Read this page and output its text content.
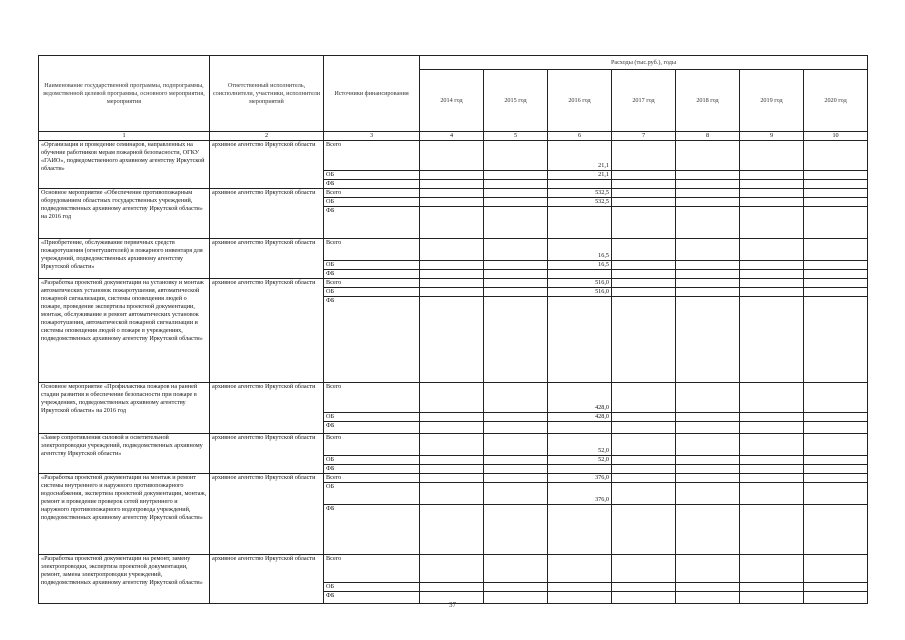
Наименование государственной программы, подпрограммы, ведомственной целевой программы, основного мероприятия, мероприятия	Ответственный исполнитель, соисполнители, участники, исполнители мероприятий	Источники финансирования	Расходы (тыс.руб.), годы						
			2014 год	2015 год	2016 год	2017 год	2018 год	2019 год	2020 год
1	2	3	4	5	6	7	8	9	10
«Организация и проведение семинаров, направленных на обучение работников мерам пожарной безопасности, ОГКУ «ГАИО», подведомственного архивному агентству Иркутской области»	архивное агентство Иркутской области	Всего			21,1				
		ОБ			21,1				
		ФБ							
Основное мероприятие «Обеспечение противопожарным оборудованием областных государственных учреждений, подведомственных архивному агентству Иркутской области» на 2016 год	архивное агентство Иркутской области	Всего			532,5				
		ОБ			532,5				
		ФБ							
«Приобретение, обслуживание первичных средств пожаротушения (огнетушителей) и пожарного инвентаря для учреждений, подведомственных архивному агентству Иркутской области»	архивное агентство Иркутской области	Всего			16,5				
		ОБ			16,5				
		ФБ							
«Разработка проектной документации на установку и монтаж автоматических установок пожаротушения, автоматической пожарной сигнализации, системы оповещения людей о пожаре, проведение экспертизы проектной документации, монтаж, обслуживание и ремонт автоматических установок пожаротушения, автоматической пожарной сигнализации и системы оповещения людей о пожаре в учреждениях, подведомственных архивному агентству Иркутской области»	архивное агентство Иркутской области	Всего			516,0				
		ОБ			516,0				
		ФБ							
Основное мероприятие «Профилактика пожаров на ранней стадии развития и обеспечение безопасности при пожаре в учреждениях, подведомственных архивному агентству Иркутской области» на 2016 год	архивное агентство Иркутской области	Всего			428,0				
		ОБ			428,0				
		ФБ							
«Замер сопротивления силовой и осветительной электропроводки учреждений, подведомственных архивному агентству Иркутской области»	архивное агентство Иркутской области	Всего			52,0				
		ОБ			52,0				
		ФБ							
«Разработка проектной документации на монтаж и ремонт системы внутреннего и наружного противопожарного водоснабжения, экспертиза проектной документации, монтаж, ремонт и проведение проверок сетей внутреннего и наружного противопожарного водопровода учреждений, подведомственных архивному агентству Иркутской области»	архивное агентство Иркутской области	Всего			376,0				
		ОБ			376,0				
		ФБ							
«Разработка проектной документации на ремонт, замену электропроводки, экспертиза проектной документации, ремонт, замена электропроводки учреждений, подведомственных архивному агентству Иркутской области»	архивное агентство Иркутской области	Всего							
		ОБ							
		ФБ							
37
